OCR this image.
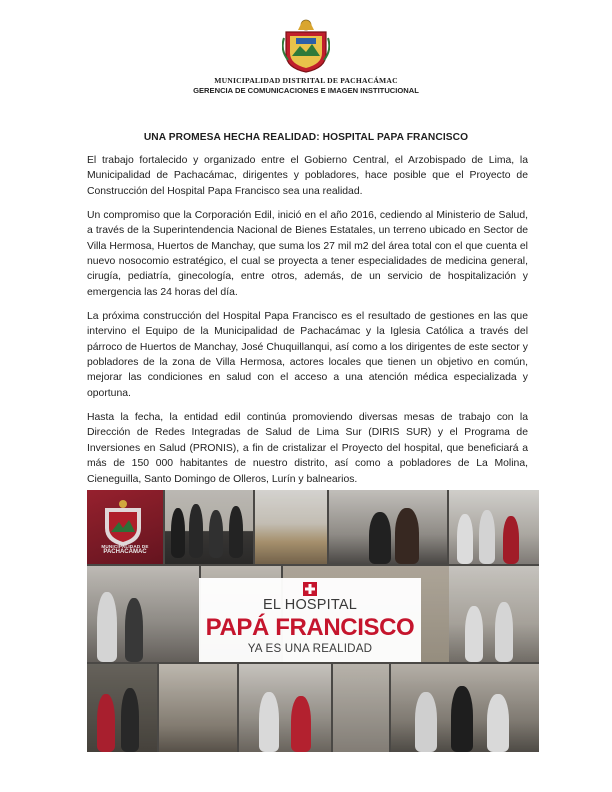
MUNICIPALIDAD DISTRITAL DE PACHACÁMAC
GERENCIA DE COMUNICACIONES E IMAGEN INSTITUCIONAL
UNA PROMESA HECHA REALIDAD: HOSPITAL PAPA FRANCISCO

El trabajo fortalecido y organizado entre el Gobierno Central, el Arzobispado de Lima, la Municipalidad de Pachacámac, dirigentes y pobladores, hace posible que el Proyecto de Construcción del Hospital Papa Francisco sea una realidad.

Un compromiso que la Corporación Edil, inició en el año 2016, cediendo al Ministerio de Salud, a través de la Superintendencia Nacional de Bienes Estatales, un terreno ubicado en Sector de Villa Hermosa, Huertos de Manchay, que suma los 27 mil m2 del área total con el que cuenta el nuevo nosocomio estratégico, el cual se proyecta a tener especialidades de medicina general, cirugía, pediatría, ginecología, entre otros, además, de un servicio de hospitalización y emergencia las 24 horas del día.

La próxima construcción del Hospital Papa Francisco es el resultado de gestiones en las que intervino el Equipo de la Municipalidad de Pachacámac y la Iglesia Católica a través del párroco de Huertos de Manchay, José Chuquillanqui, así como a los dirigentes de este sector y pobladores de la zona de Villa Hermosa, actores locales que tienen un objetivo en común, mejorar las condiciones en salud con el acceso a una atención médica especializada y oportuna.

Hasta la fecha, la entidad edil continúa promoviendo diversas mesas de trabajo con la Dirección de Redes Integradas de Salud de Lima Sur (DIRIS SUR) y el Programa de Inversiones en Salud (PRONIS), a fin de cristalizar el Proyecto del hospital, que beneficiará a más de 150 000 habitantes de nuestro distrito, así como a pobladores de La Molina, Cieneguilla, Santo Domingo de Olleros, Lurín y balnearios.

MUNICIPALIDAD DE
PACHACÁMAC
EL HOSPITAL
PAPÁ FRANCISCO
YA ES UNA REALIDAD
